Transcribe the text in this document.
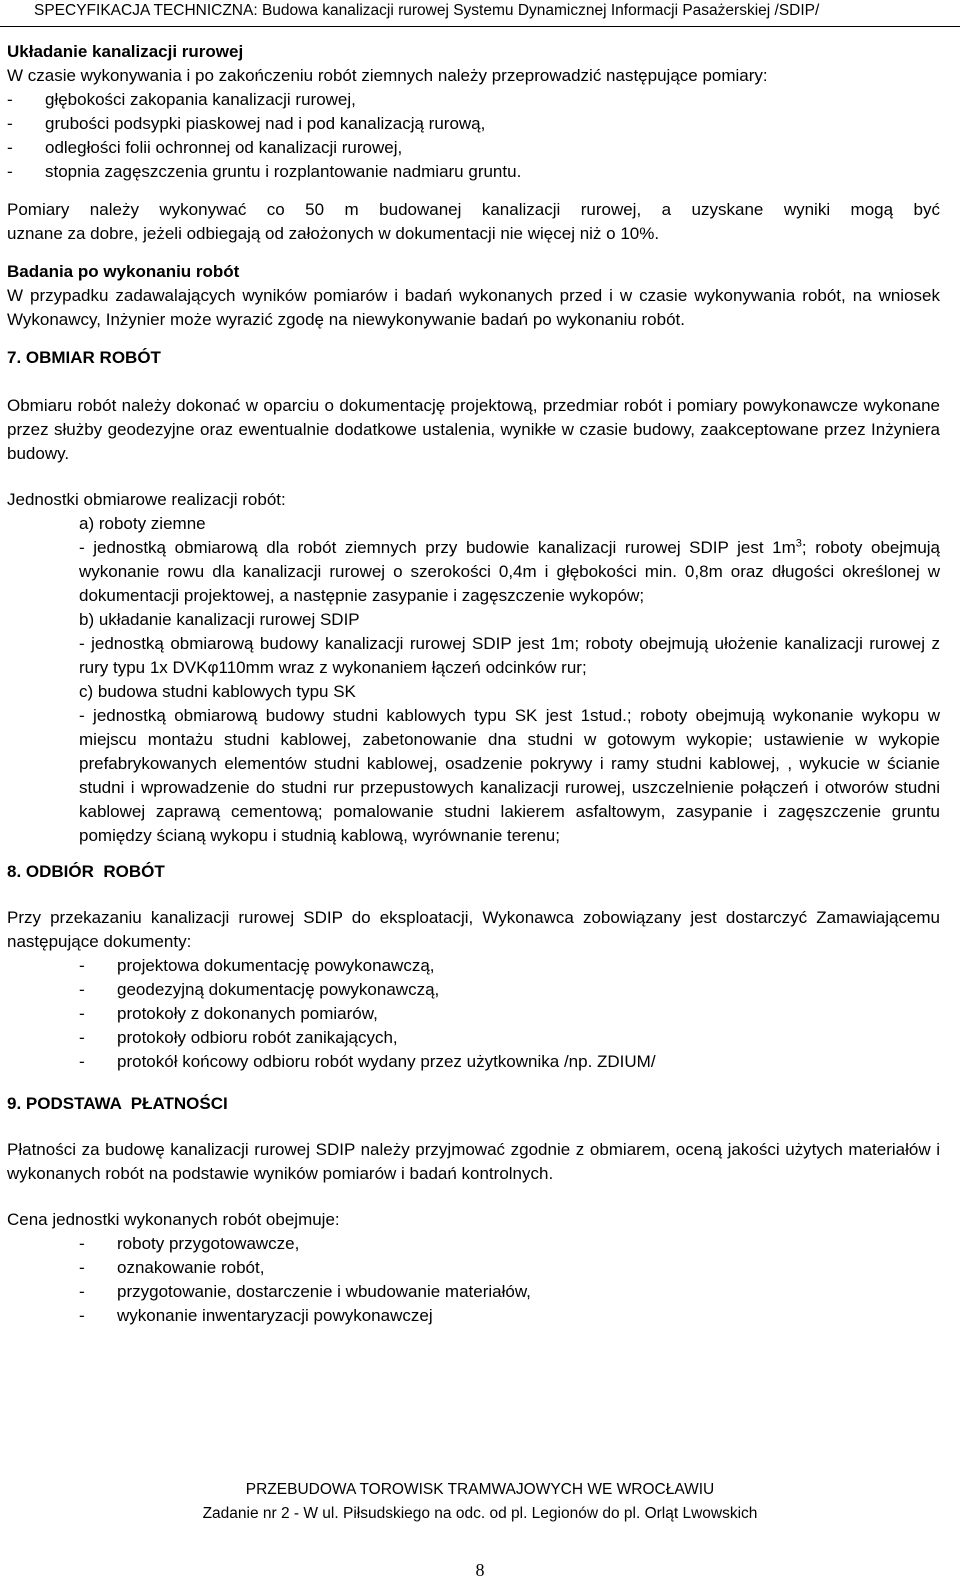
SPECYFIKACJA TECHNICZNA: Budowa kanalizacji rurowej Systemu Dynamicznej Informacji Pasażerskiej /SDIP/

Układanie kanalizacji rurowej

W czasie wykonywania i po zakończeniu robót ziemnych należy przeprowadzić następujące pomiary:

-	głębokości zakopania kanalizacji rurowej,
-	grubości podsypki piaskowej nad i pod kanalizacją rurową,
-	odległości folii ochronnej od kanalizacji rurowej,
-	stopnia zagęszczenia gruntu i rozplantowanie nadmiaru gruntu.

Pomiary należy wykonywać co 50 m budowanej kanalizacji rurowej, a uzyskane wyniki mogą być

uznane za dobre, jeżeli odbiegają od założonych w dokumentacji nie więcej niż o 10%.

Badania po wykonaniu robót

W przypadku zadawalających wyników pomiarów i badań wykonanych przed i w czasie wykonywania robót, na wniosek Wykonawcy, Inżynier może wyrazić zgodę na niewykonywanie badań po wykonaniu robót.

7. OBMIAR ROBÓT

Obmiaru robót należy dokonać w oparciu o dokumentację projektową, przedmiar robót i pomiary powykonawcze wykonane przez służby geodezyjne oraz ewentualnie dodatkowe ustalenia, wynikłe w czasie budowy, zaakceptowane przez Inżyniera budowy.

Jednostki obmiarowe realizacji robót:

a) roboty ziemne

- jednostką obmiarową dla robót ziemnych przy budowie kanalizacji rurowej SDIP jest $1m^3$; roboty obejmują wykonanie rowu dla kanalizacji rurowej o szerokości 0,4m i głębokości min. 0,8m oraz długości określonej w dokumentacji projektowej, a następnie zasypanie i zagęszczenie wykopów;

b) układanie kanalizacji rurowej SDIP

- jednostką obmiarową budowy kanalizacji rurowej SDIP jest 1m; roboty obejmują ułożenie kanalizacji rurowej z rury typu 1x DVKφ110mm wraz z wykonaniem łączeń odcinków rur;

c) budowa studni kablowych typu SK

- jednostką obmiarową budowy studni kablowych typu SK jest 1stud.; roboty obejmują wykonanie wykopu w miejscu montażu studni kablowej, zabetonowanie dna studni w gotowym wykopie; ustawienie w wykopie prefabrykowanych elementów studni kablowej, osadzenie pokrywy i ramy studni kablowej, , wykucie w ścianie studni i wprowadzenie do studni rur przepustowych kanalizacji rurowej, uszczelnienie połączeń i otworów studni kablowej zaprawą cementową; pomalowanie studni lakierem asfaltowym, zasypanie i zagęszczenie gruntu pomiędzy ścianą wykopu i studnią kablową, wyrównanie terenu;

8. ODBIÓR  ROBÓT

Przy przekazaniu kanalizacji rurowej SDIP do eksploatacji, Wykonawca zobowiązany jest dostarczyć Zamawiającemu następujące dokumenty:

-	projektowa dokumentację powykonawczą,
-	geodezyjną dokumentację powykonawczą,
-	protokoły z dokonanych pomiarów,
-	protokoły odbioru robót zanikających,
-	protokół końcowy odbioru robót wydany przez użytkownika /np. ZDIUM/

9. PODSTAWA  PŁATNOŚCI

Płatności za budowę kanalizacji rurowej SDIP należy przyjmować zgodnie z obmiarem, oceną jakości użytych materiałów i wykonanych robót na podstawie wyników pomiarów i badań kontrolnych.

Cena jednostki wykonanych robót obejmuje:

-	roboty przygotowawcze,
-	oznakowanie robót,
-	przygotowanie, dostarczenie i wbudowanie materiałów,
-	wykonanie inwentaryzacji powykonawczej
PRZEBUDOWA TOROWISK TRAMWAJOWYCH WE WROCŁAWIU
Zadanie nr 2 - W ul. Piłsudskiego na odc. od pl. Legionów do pl. Orląt Lwowskich
8
